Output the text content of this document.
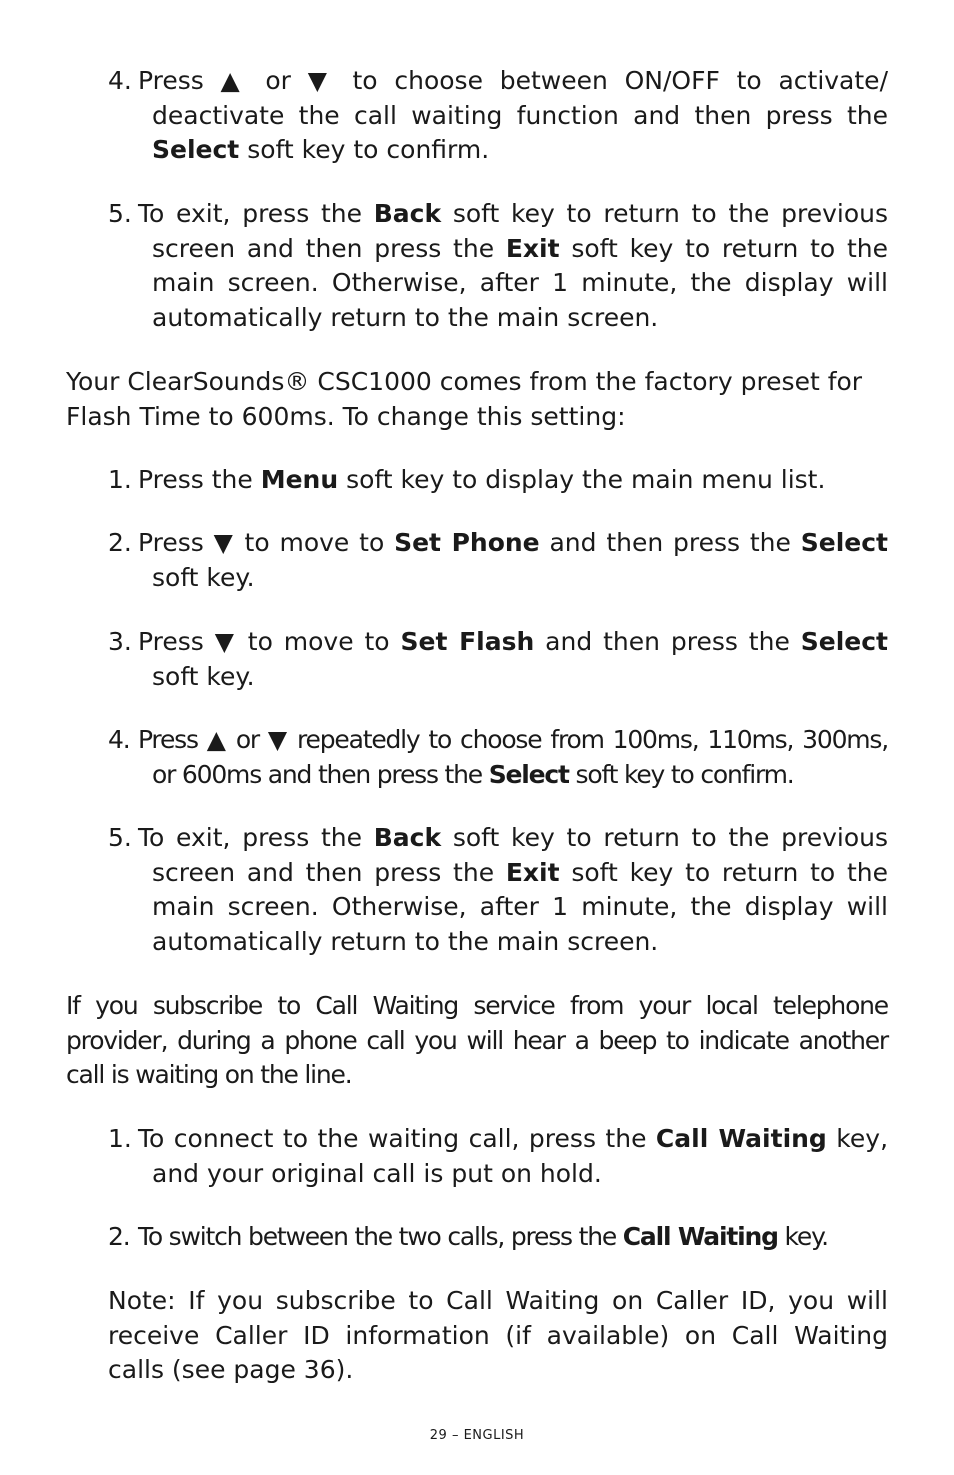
4. Press ▲ or ▼ to choose between ON/OFF to activate/ deactivate the call waiting function and then press the Select soft key to confirm.
5. To exit, press the Back soft key to return to the previous screen and then press the Exit soft key to return to the main screen. Otherwise, after 1 minute, the display will automatically return to the main screen.
Your ClearSounds® CSC1000 comes from the factory preset for Flash Time to 600ms. To change this setting:
1. Press the Menu soft key to display the main menu list.
2. Press ▼ to move to Set Phone and then press the Select soft key.
3. Press ▼ to move to Set Flash and then press the Select soft key.
4. Press ▲ or ▼ repeatedly to choose from 100ms, 110ms, 300ms, or 600ms and then press the Select soft key to confirm.
5. To exit, press the Back soft key to return to the previous screen and then press the Exit soft key to return to the main screen. Otherwise, after 1 minute, the display will automatically return to the main screen.
If you subscribe to Call Waiting service from your local telephone provider, during a phone call you will hear a beep to indicate another call is waiting on the line.
1. To connect to the waiting call, press the Call Waiting key, and your original call is put on hold.
2. To switch between the two calls, press the Call Waiting key.
Note: If you subscribe to Call Waiting on Caller ID, you will receive Caller ID information (if available) on Call Waiting calls (see page 36).
29 – ENGLISH
